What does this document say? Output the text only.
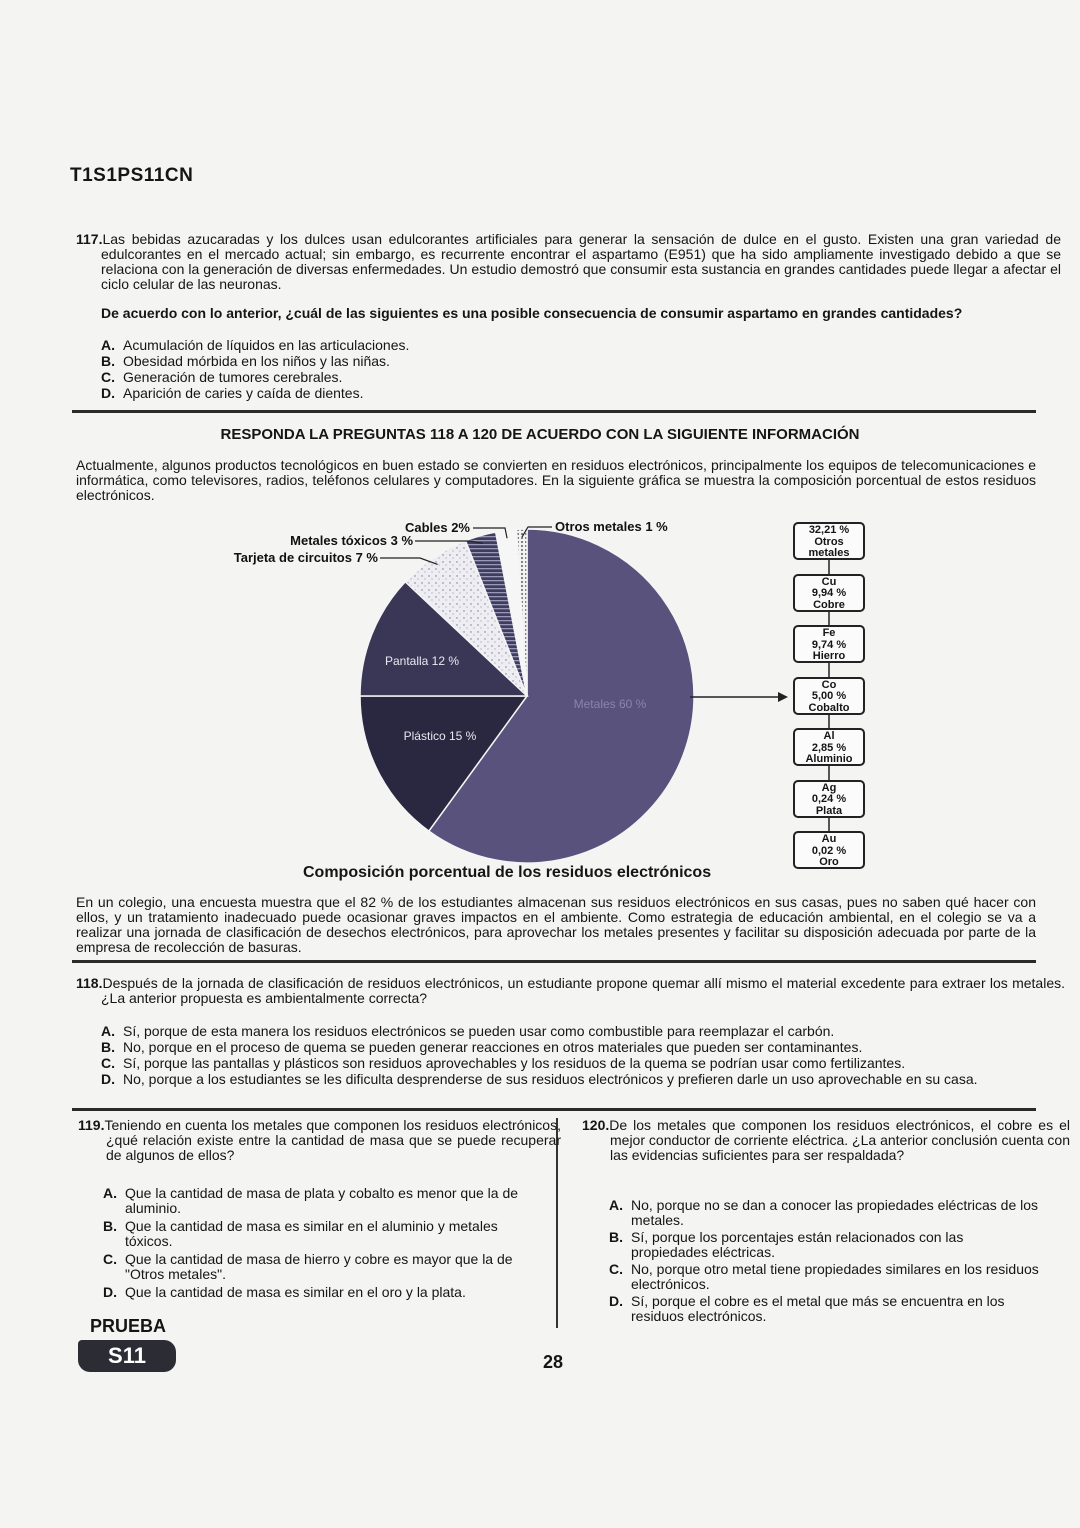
T1S1PS11CN
117.Las bebidas azucaradas y los dulces usan edulcorantes artificiales para generar la sensación de dulce en el gusto. Existen una gran variedad de edulcorantes en el mercado actual; sin embargo, es recurrente encontrar el aspartamo (E951) que ha sido ampliamente investigado debido a que se relaciona con la generación de diversas enfermedades. Un estudio demostró que consumir esta sustancia en grandes cantidades puede llegar a afectar el ciclo celular de las neuronas.
De acuerdo con lo anterior, ¿cuál de las siguientes es una posible consecuencia de consumir aspartamo en grandes cantidades?
A. Acumulación de líquidos en las articulaciones.
B. Obesidad mórbida en los niños y las niñas.
C. Generación de tumores cerebrales.
D. Aparición de caries y caída de dientes.
RESPONDA LA PREGUNTAS 118 A 120 DE ACUERDO CON LA SIGUIENTE INFORMACIÓN
Actualmente, algunos productos tecnológicos en buen estado se convierten en residuos electrónicos, principalmente los equipos de telecomunicaciones e informática, como televisores, radios, teléfonos celulares y computadores. En la siguiente gráfica se muestra la composición porcentual de estos residuos electrónicos.
Metales 60 %
Plástico 15 %
Pantalla 12 %
Tarjeta de circuitos 7 %
Metales tóxicos 3 %
Cables 2%	Otros metales 1 %	32,21 %
Otros
metales
Cu
9,94 %
Cobre
Fe
9,74 %
Hierro
Co
5,00 %
Cobalto
Al
2,85 %
Aluminio
Ag
0,24 %
Plata
Au
0,02 %
Oro
Composición porcentual de los residuos electrónicos
En un colegio, una encuesta muestra que el 82 % de los estudiantes almacenan sus residuos electrónicos en sus casas, pues no saben qué hacer con ellos, y un tratamiento inadecuado puede ocasionar graves impactos en el ambiente. Como estrategia de educación ambiental, en el colegio se va a realizar una jornada de clasificación de desechos electrónicos, para aprovechar los metales presentes y facilitar su disposición adecuada por parte de la empresa de recolección de basuras.
118.Después de la jornada de clasificación de residuos electrónicos, un estudiante propone quemar allí mismo el material excedente para extraer los metales. ¿La anterior propuesta es ambientalmente correcta?
A. Sí, porque de esta manera los residuos electrónicos se pueden usar como combustible para reemplazar el carbón.
B. No, porque en el proceso de quema se pueden generar reacciones en otros materiales que pueden ser contaminantes.
C. Sí, porque las pantallas y plásticos son residuos aprovechables y los residuos de la quema se podrían usar como fertilizantes.
D. No, porque a los estudiantes se les dificulta desprenderse de sus residuos electrónicos y prefieren darle un uso aprovechable en su casa.
119.Teniendo en cuenta los metales que componen los residuos electrónicos, ¿qué relación existe entre la cantidad de masa que se puede recuperar de algunos de ellos?
A. Que la cantidad de masa de plata y cobalto es menor que la de aluminio.
B. Que la cantidad de masa es similar en el aluminio y metales tóxicos.
C. Que la cantidad de masa de hierro y cobre es mayor que la de "Otros metales".
D. Que la cantidad de masa es similar en el oro y la plata.
120.De los metales que componen los residuos electrónicos, el cobre es el mejor conductor de corriente eléctrica. ¿La anterior conclusión cuenta con las evidencias suficientes para ser respaldada?
A. No, porque no se dan a conocer las propiedades eléctricas de los metales.
B. Sí, porque los porcentajes están relacionados con las propiedades eléctricas.
C. No, porque otro metal tiene propiedades similares en los residuos electrónicos.
D. Sí, porque el cobre es el metal que más se encuentra en los residuos electrónicos.
PRUEBA
S11	28
